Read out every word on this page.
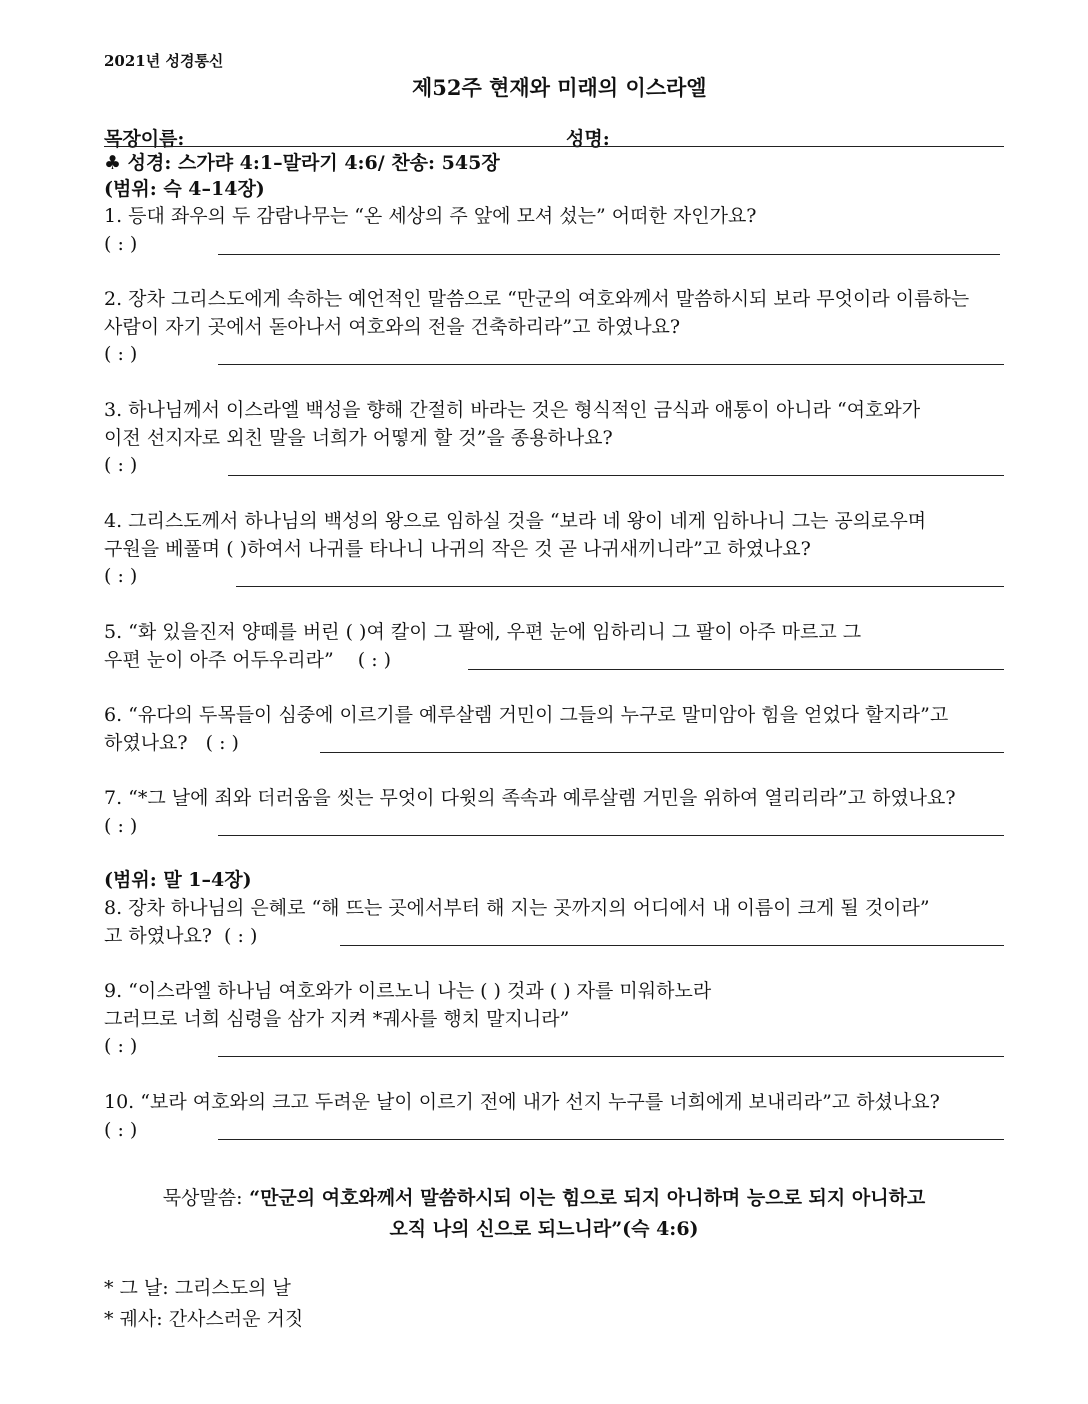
2021년 성경통신
제52주 현재와 미래의 이스라엘
목장이름:	성명:
♣ 성경: 스가랴 4:1–말라기 4:6/ 찬송: 545장
(범위: 슥 4–14장)
1. 등대 좌우의 두 감람나무는 “온 세상의 주 앞에 모셔 섰는” 어떠한 자인가요?
( : )
2. 장차 그리스도에게 속하는 예언적인 말씀으로 “만군의 여호와께서 말씀하시되 보라 무엇이라 이름하는
사람이 자기 곳에서 돋아나서 여호와의 전을 건축하리라”고 하였나요?
( : )
3. 하나님께서 이스라엘 백성을 향해 간절히 바라는 것은 형식적인 금식과 애통이 아니라 “여호와가
이전 선지자로 외친 말을 너희가 어떻게 할 것”을 종용하나요?
( : )
4. 그리스도께서 하나님의 백성의 왕으로 임하실 것을 “보라 네 왕이 네게 임하나니 그는 공의로우며
구원을 베풀며 ( )하여서 나귀를 타나니 나귀의 작은 것 곧 나귀새끼니라”고 하였나요?
( : )
5. “화 있을진저 양떼를 버린 ( )여 칼이 그 팔에, 우편 눈에 임하리니 그 팔이 아주 마르고 그
우편 눈이 아주 어두우리라” ( : )
6. “유다의 두목들이 심중에 이르기를 예루살렘 거민이 그들의 누구로 말미암아 힘을 얻었다 할지라”고
하였나요? ( : )
7. “*그 날에 죄와 더러움을 씻는 무엇이 다윗의 족속과 예루살렘 거민을 위하여 열리리라”고 하였나요?
( : )
(범위: 말 1–4장)
8. 장차 하나님의 은혜로 “해 뜨는 곳에서부터 해 지는 곳까지의 어디에서 내 이름이 크게 될 것이라”
고 하였나요? ( : )
9. “이스라엘 하나님 여호와가 이르노니 나는 ( ) 것과 ( ) 자를 미워하노라
그러므로 너희 심령을 삼가 지켜 *궤사를 행치 말지니라”
( : )
10. “보라 여호와의 크고 두려운 날이 이르기 전에 내가 선지 누구를 너희에게 보내리라”고 하셨나요?
( : )
묵상말씀: “만군의 여호와께서 말씀하시되 이는 힘으로 되지 아니하며 능으로 되지 아니하고
오직 나의 신으로 되느니라”(슥 4:6)
* 그 날: 그리스도의 날
* 궤사: 간사스러운 거짓
